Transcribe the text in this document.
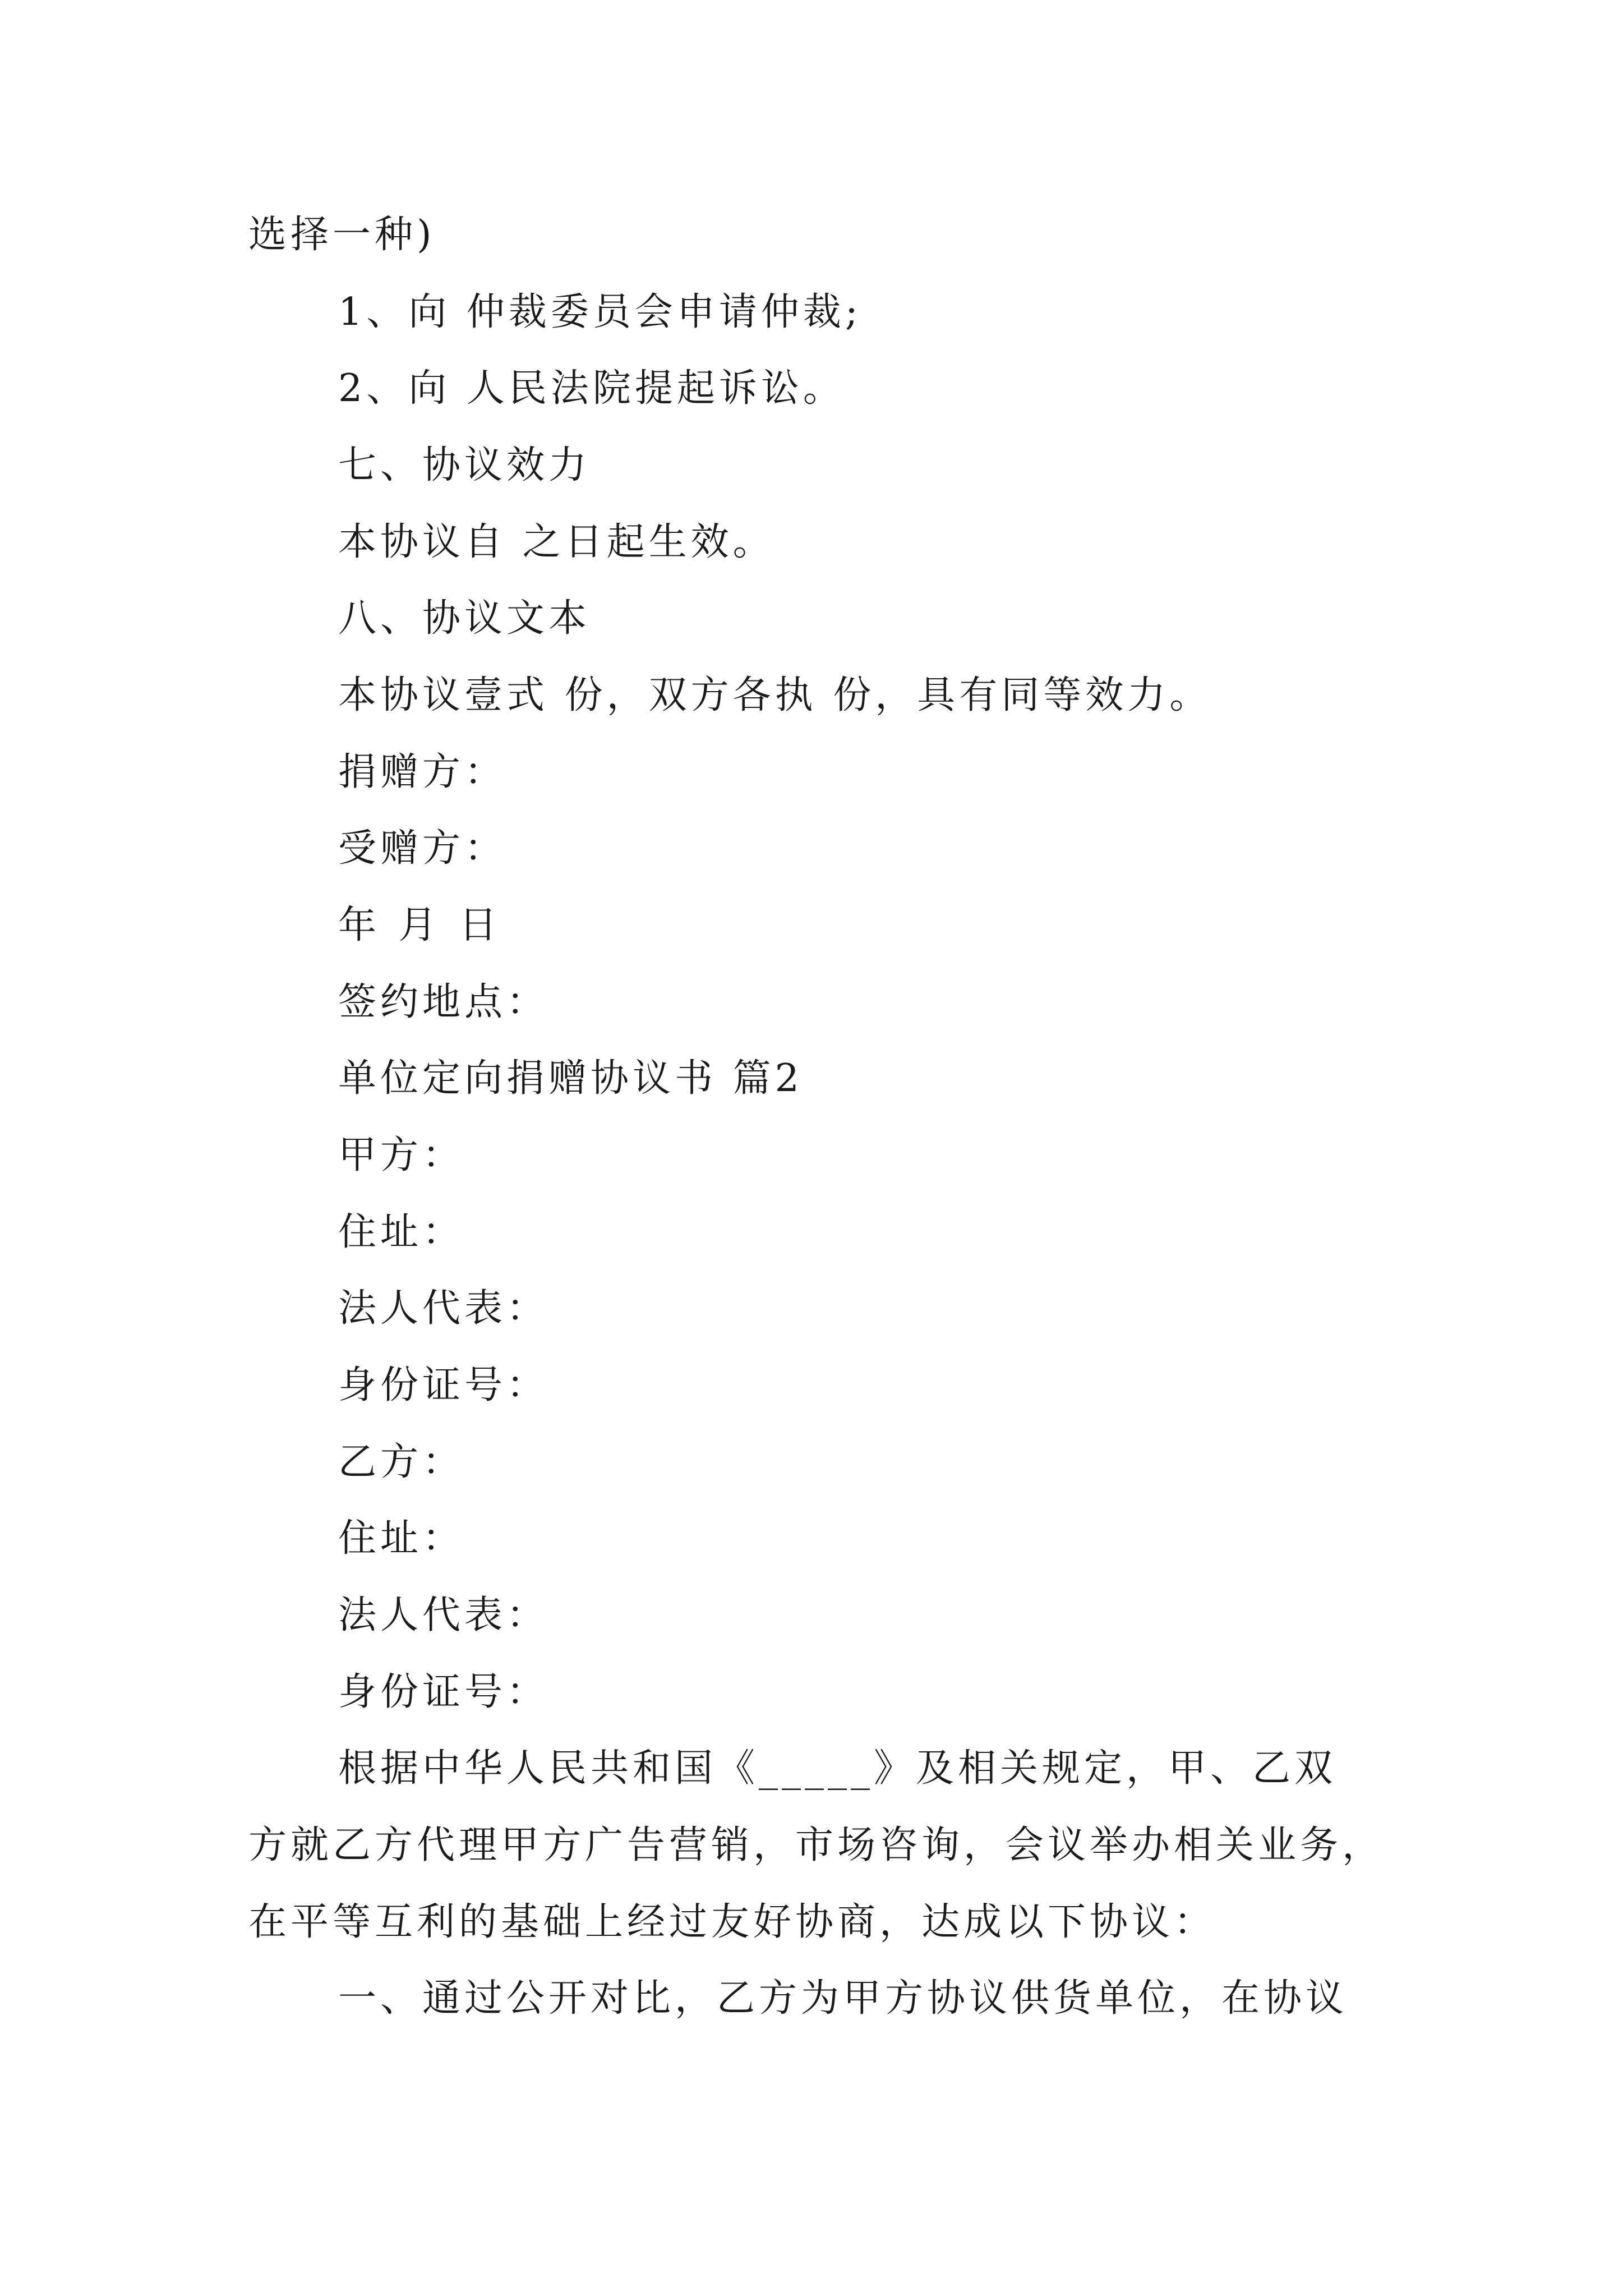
选择一种)
1、向 仲裁委员会申请仲裁;
2、向 人民法院提起诉讼。
七、协议效力
本协议自 之日起生效。
八、协议文本
本协议壹式 份，双方各执 份，具有同等效力。
捐赠方：
受赠方：
年 月 日
签约地点：
单位定向捐赠协议书 篇2
甲方：
住址：
法人代表：
身份证号：
乙方：
住址：
法人代表：
身份证号：
根据中华人民共和国《_____》及相关规定，甲、乙双
方就乙方代理甲方广告营销，市场咨询，会议举办相关业务，
在平等互利的基础上经过友好协商，达成以下协议：
一、通过公开对比，乙方为甲方协议供货单位，在协议
